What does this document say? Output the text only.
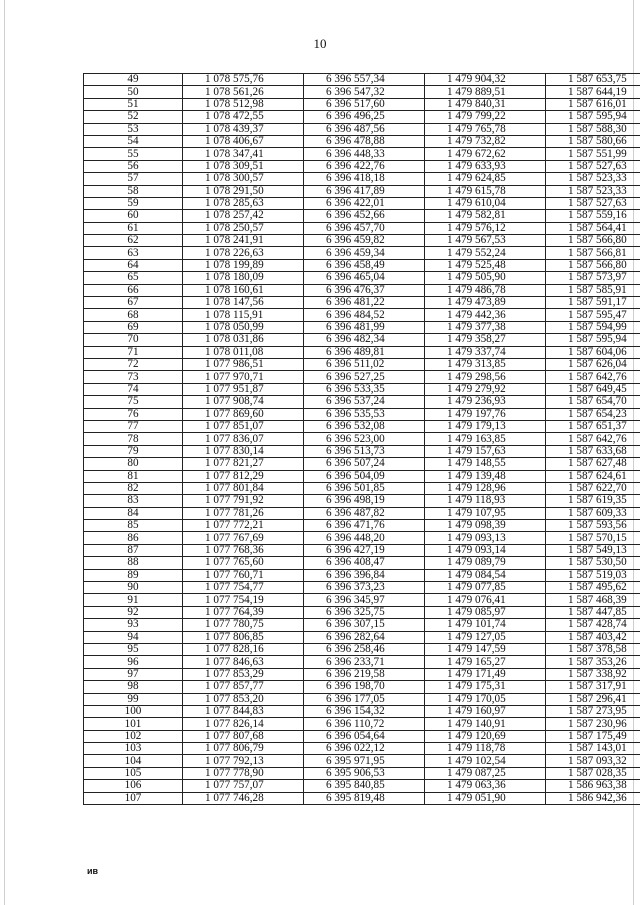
10
49	1 078 575,76	6 396 557,34	1 479 904,32	1 587 653,75
50	1 078 561,26	6 396 547,32	1 479 889,51	1 587 644,19
51	1 078 512,98	6 396 517,60	1 479 840,31	1 587 616,01
52	1 078 472,55	6 396 496,25	1 479 799,22	1 587 595,94
53	1 078 439,37	6 396 487,56	1 479 765,78	1 587 588,30
54	1 078 406,67	6 396 478,88	1 479 732,82	1 587 580,66
55	1 078 347,41	6 396 448,33	1 479 672,62	1 587 551,99
56	1 078 309,51	6 396 422,76	1 479 633,93	1 587 527,63
57	1 078 300,57	6 396 418,18	1 479 624,85	1 587 523,33
58	1 078 291,50	6 396 417,89	1 479 615,78	1 587 523,33
59	1 078 285,63	6 396 422,01	1 479 610,04	1 587 527,63
60	1 078 257,42	6 396 452,66	1 479 582,81	1 587 559,16
61	1 078 250,57	6 396 457,70	1 479 576,12	1 587 564,41
62	1 078 241,91	6 396 459,82	1 479 567,53	1 587 566,80
63	1 078 226,63	6 396 459,34	1 479 552,24	1 587 566,81
64	1 078 199,89	6 396 458,49	1 479 525,48	1 587 566,80
65	1 078 180,09	6 396 465,04	1 479 505,90	1 587 573,97
66	1 078 160,61	6 396 476,37	1 479 486,78	1 587 585,91
67	1 078 147,56	6 396 481,22	1 479 473,89	1 587 591,17
68	1 078 115,91	6 396 484,52	1 479 442,36	1 587 595,47
69	1 078 050,99	6 396 481,99	1 479 377,38	1 587 594,99
70	1 078 031,86	6 396 482,34	1 479 358,27	1 587 595,94
71	1 078 011,08	6 396 489,81	1 479 337,74	1 587 604,06
72	1 077 986,51	6 396 511,02	1 479 313,85	1 587 626,04
73	1 077 970,71	6 396 527,25	1 479 298,56	1 587 642,76
74	1 077 951,87	6 396 533,35	1 479 279,92	1 587 649,45
75	1 077 908,74	6 396 537,24	1 479 236,93	1 587 654,70
76	1 077 869,60	6 396 535,53	1 479 197,76	1 587 654,23
77	1 077 851,07	6 396 532,08	1 479 179,13	1 587 651,37
78	1 077 836,07	6 396 523,00	1 479 163,85	1 587 642,76
79	1 077 830,14	6 396 513,73	1 479 157,63	1 587 633,68
80	1 077 821,27	6 396 507,24	1 479 148,55	1 587 627,48
81	1 077 812,29	6 396 504,09	1 479 139,48	1 587 624,61
82	1 077 801,84	6 396 501,85	1 479 128,96	1 587 622,70
83	1 077 791,92	6 396 498,19	1 479 118,93	1 587 619,35
84	1 077 781,26	6 396 487,82	1 479 107,95	1 587 609,33
85	1 077 772,21	6 396 471,76	1 479 098,39	1 587 593,56
86	1 077 767,69	6 396 448,20	1 479 093,13	1 587 570,15
87	1 077 768,36	6 396 427,19	1 479 093,14	1 587 549,13
88	1 077 765,60	6 396 408,47	1 479 089,79	1 587 530,50
89	1 077 760,71	6 396 396,84	1 479 084,54	1 587 519,03
90	1 077 754,77	6 396 373,23	1 479 077,85	1 587 495,62
91	1 077 754,19	6 396 345,97	1 479 076,41	1 587 468,39
92	1 077 764,39	6 396 325,75	1 479 085,97	1 587 447,85
93	1 077 780,75	6 396 307,15	1 479 101,74	1 587 428,74
94	1 077 806,85	6 396 282,64	1 479 127,05	1 587 403,42
95	1 077 828,16	6 396 258,46	1 479 147,59	1 587 378,58
96	1 077 846,63	6 396 233,71	1 479 165,27	1 587 353,26
97	1 077 853,29	6 396 219,58	1 479 171,49	1 587 338,92
98	1 077 857,77	6 396 198,70	1 479 175,31	1 587 317,91
99	1 077 853,20	6 396 177,05	1 479 170,05	1 587 296,41
100	1 077 844,83	6 396 154,32	1 479 160,97	1 587 273,95
101	1 077 826,14	6 396 110,72	1 479 140,91	1 587 230,96
102	1 077 807,68	6 396 054,64	1 479 120,69	1 587 175,49
103	1 077 806,79	6 396 022,12	1 479 118,78	1 587 143,01
104	1 077 792,13	6 395 971,95	1 479 102,54	1 587 093,32
105	1 077 778,90	6 395 906,53	1 479 087,25	1 587 028,35
106	1 077 757,07	6 395 840,85	1 479 063,36	1 586 963,38
107	1 077 746,28	6 395 819,48	1 479 051,90	1 586 942,36
ив
